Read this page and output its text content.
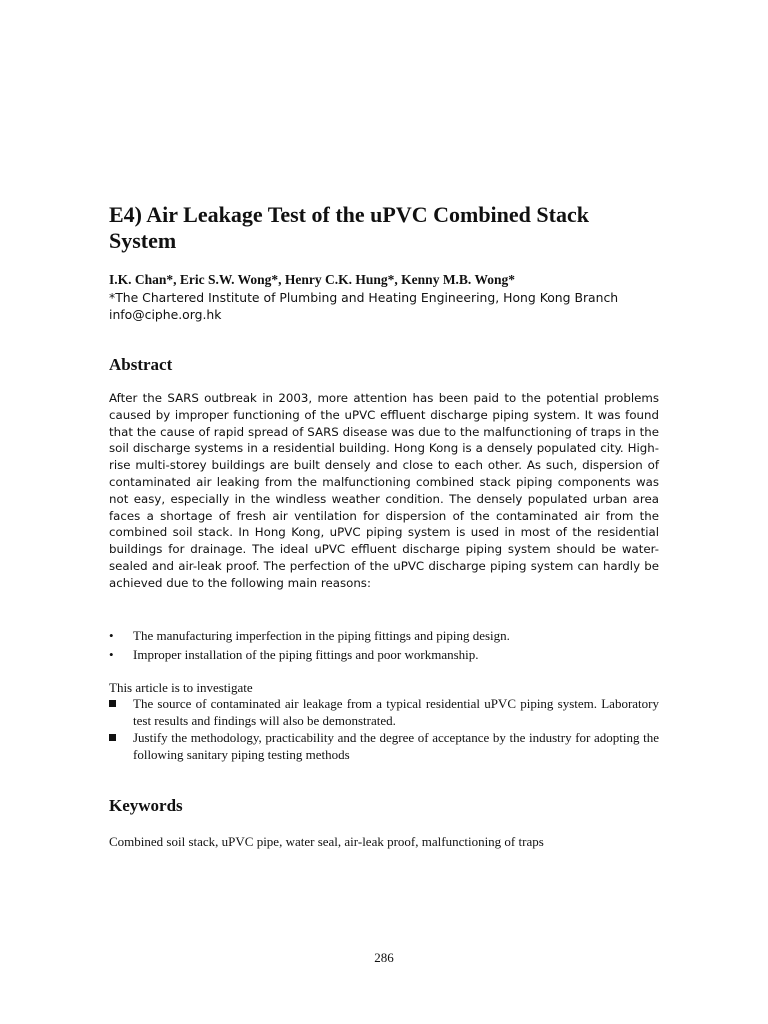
E4) Air Leakage Test of the uPVC Combined Stack System
I.K. Chan*, Eric S.W. Wong*, Henry C.K. Hung*, Kenny M.B. Wong*
*The Chartered Institute of Plumbing and Heating Engineering, Hong Kong Branch
info@ciphe.org.hk
Abstract

After the SARS outbreak in 2003, more attention has been paid to the potential problems caused by improper functioning of the uPVC effluent discharge piping system. It was found that the cause of rapid spread of SARS disease was due to the malfunctioning of traps in the soil discharge systems in a residential building. Hong Kong is a densely populated city. High-rise multi-storey buildings are built densely and close to each other. As such, dispersion of contaminated air leaking from the malfunctioning combined stack piping components was not easy, especially in the windless weather condition. The densely populated urban area faces a shortage of fresh air ventilation for dispersion of the contaminated air from the combined soil stack. In Hong Kong, uPVC piping system is used in most of the residential buildings for drainage. The ideal uPVC effluent discharge piping system should be water-sealed and air-leak proof. The perfection of the uPVC discharge piping system can hardly be achieved due to the following main reasons:

• The manufacturing imperfection in the piping fittings and piping design.
• Improper installation of the piping fittings and poor workmanship.
This article is to investigate
The source of contaminated air leakage from a typical residential uPVC piping system. Laboratory test results and findings will also be demonstrated.
Justify the methodology, practicability and the degree of acceptance by the industry for adopting the following sanitary piping testing methods
Keywords
Combined soil stack, uPVC pipe, water seal, air-leak proof, malfunctioning of traps
286
